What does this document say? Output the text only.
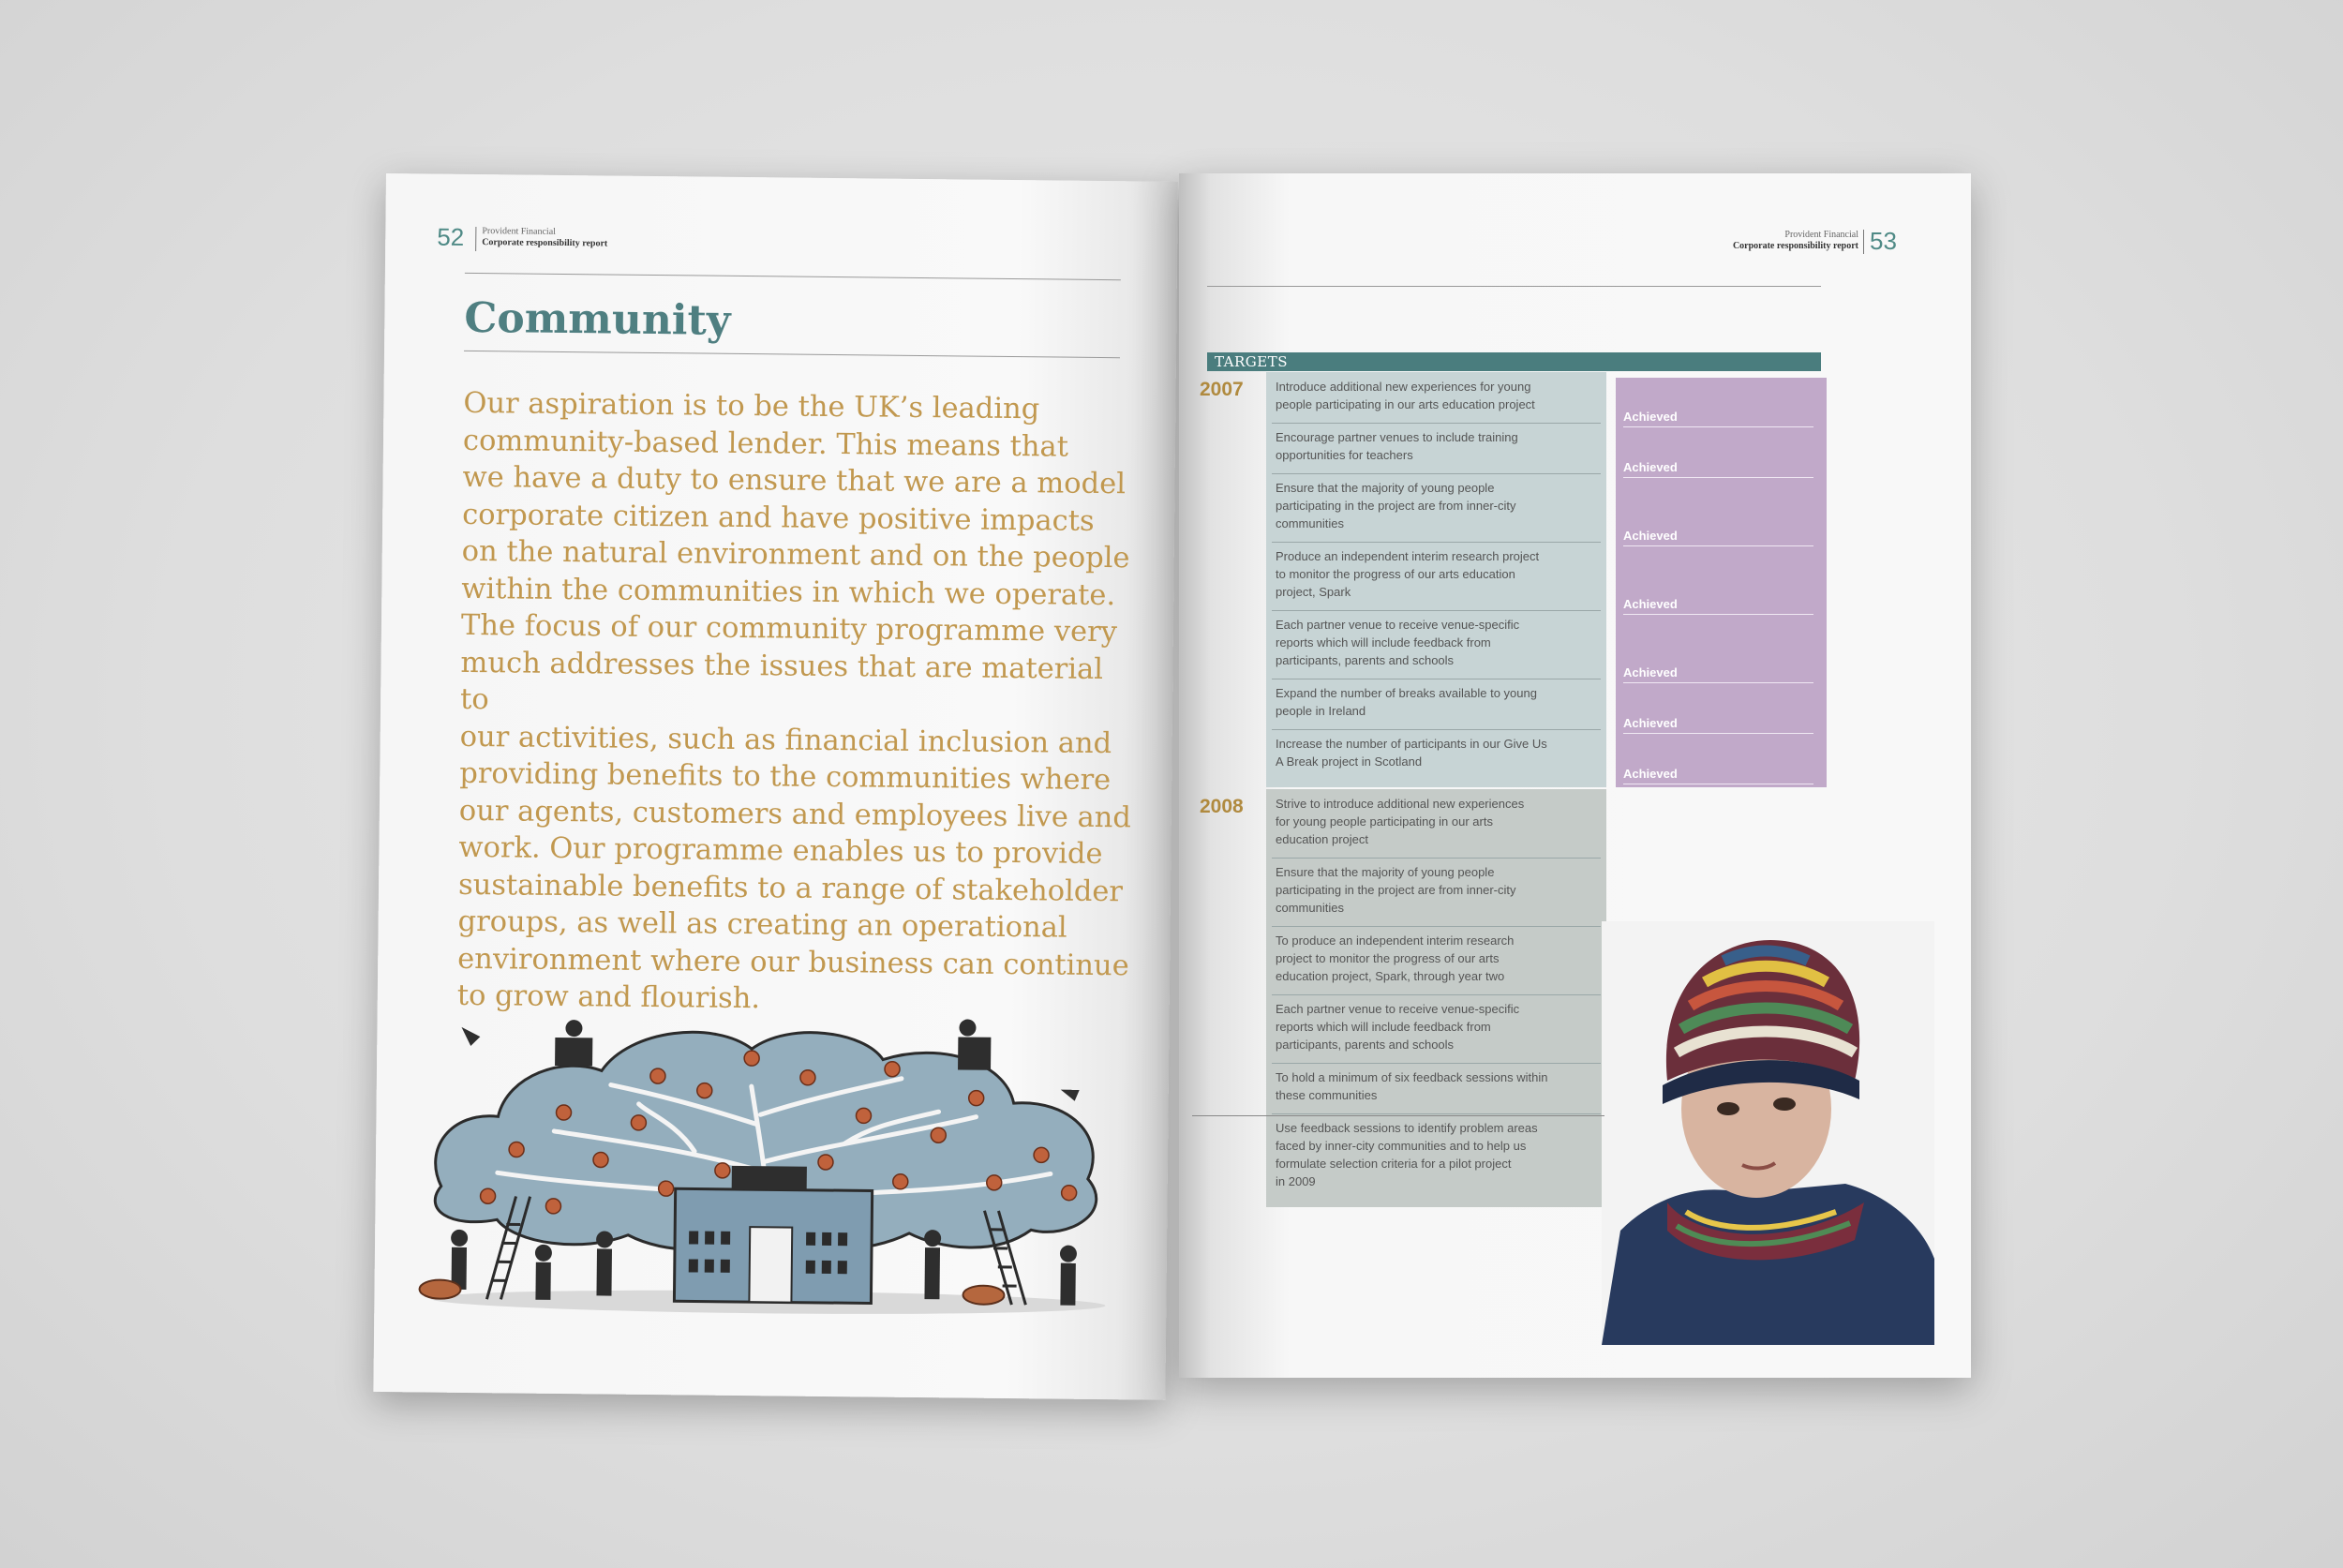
52 Provident Financial
Corporate responsibility report
Community
Our aspiration is to be the UK’s leading
community-based lender. This means that
we have a duty to ensure that we are a model
corporate citizen and have positive impacts
on the natural environment and on the people
within the communities in which we operate.
The focus of our community programme very
much addresses the issues that are material to
our activities, such as financial inclusion and
providing benefits to the communities where
our agents, customers and employees live and
work. Our programme enables us to provide
sustainable benefits to a range of stakeholder
groups, as well as creating an operational
environment where our business can continue
to grow and flourish.
Provident Financial
Corporate responsibility report 53
TARGETS
2007	Introduce additional new experiences for young
people participating in our arts education project
Encourage partner venues to include training
opportunities for teachers
Ensure that the majority of young people
participating in the project are from inner-city
communities
Produce an independent interim research project
to monitor the progress of our arts education
project, Spark
Each partner venue to receive venue-specific
reports which will include feedback from
participants, parents and schools
Expand the number of breaks available to young
people in Ireland
Increase the number of participants in our Give Us
A Break project in Scotland
Achieved
Achieved
Achieved
Achieved
Achieved
Achieved
Achieved
2008	Strive to introduce additional new experiences
for young people participating in our arts
education project
Ensure that the majority of young people
participating in the project are from inner-city
communities
To produce an independent interim research
project to monitor the progress of our arts
education project, Spark, through year two
Each partner venue to receive venue-specific
reports which will include feedback from
participants, parents and schools
To hold a minimum of six feedback sessions within
these communities
Use feedback sessions to identify problem areas
faced by inner-city communities and to help us
formulate selection criteria for a pilot project
in 2009
